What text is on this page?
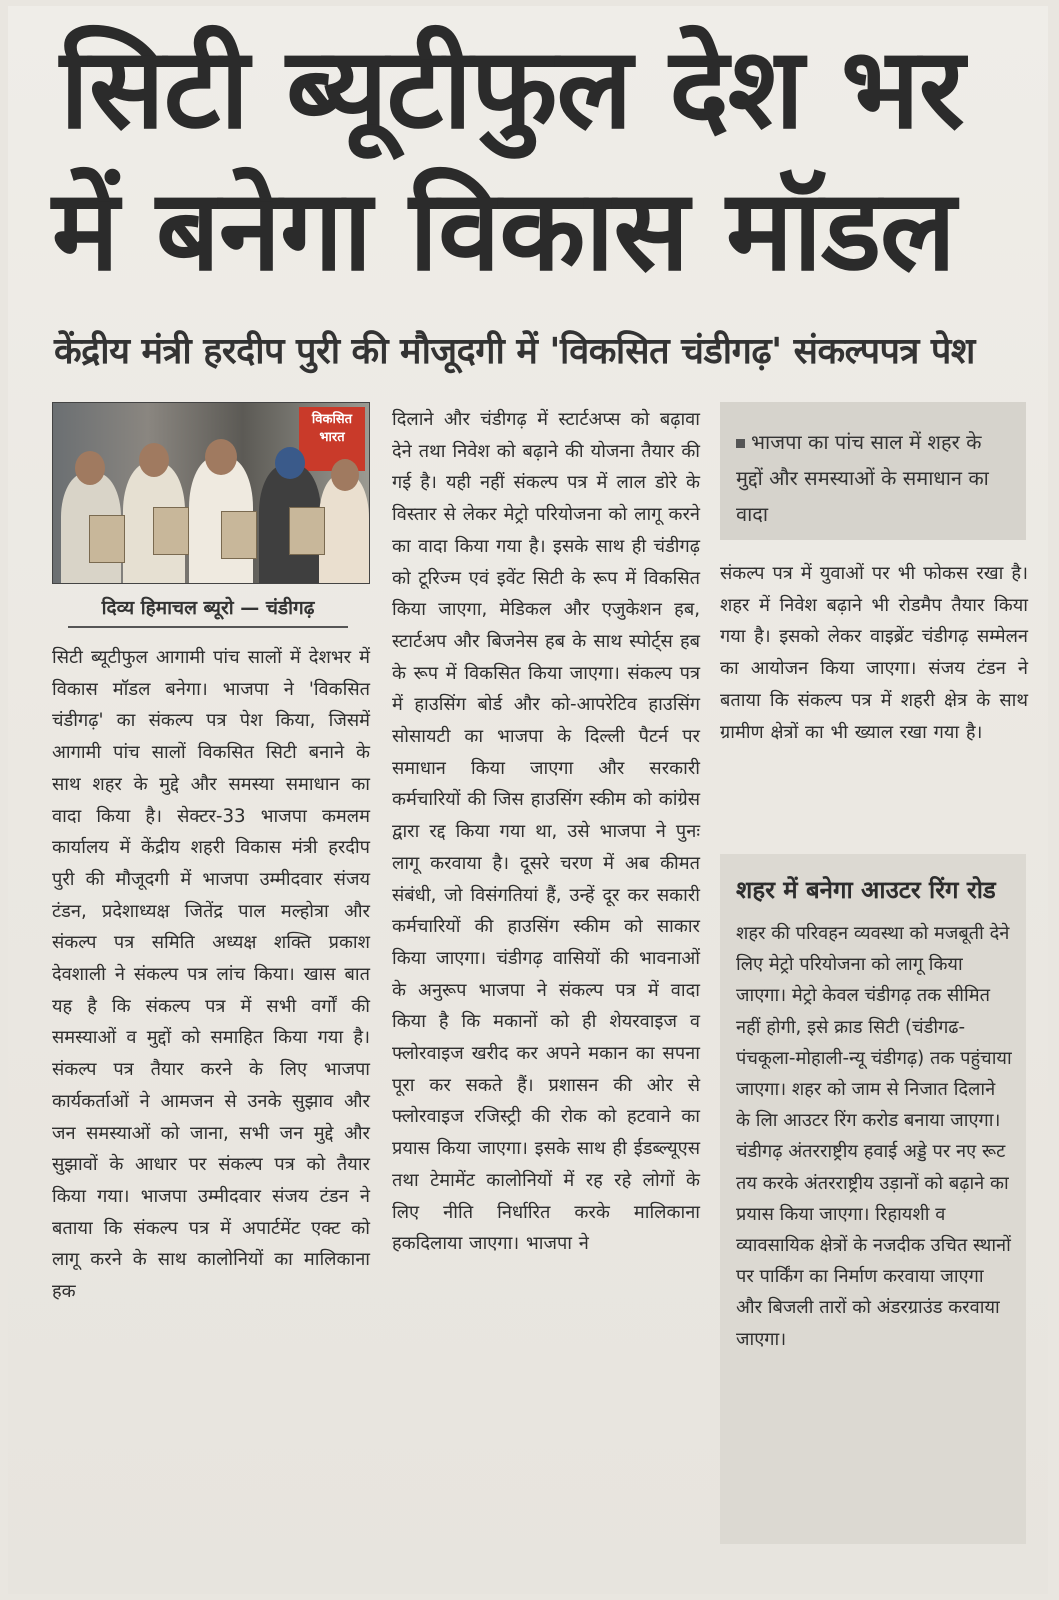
सिटी ब्यूटीफुल देश भर
में बनेगा विकास मॉडल
केंद्रीय मंत्री हरदीप पुरी की मौजूदगी में 'विकसित चंडीगढ़' संकल्पपत्र पेश
विकसित भारत

दिव्य हिमाचल ब्यूरो — चंडीगढ़

सिटी ब्यूटीफुल आगामी पांच सालों में देशभर में विकास मॉडल बनेगा। भाजपा ने 'विकसित चंडीगढ़' का संकल्प पत्र पेश किया, जिसमें आगामी पांच सालों विकसित सिटी बनाने के साथ शहर के मुद्दे और समस्या समाधान का वादा किया है। सेक्टर-33 भाजपा कमलम कार्यालय में केंद्रीय शहरी विकास मंत्री हरदीप पुरी की मौजूदगी में भाजपा उम्मीदवार संजय टंडन, प्रदेशाध्यक्ष जितेंद्र पाल मल्होत्रा और संकल्प पत्र समिति अध्यक्ष शक्ति प्रकाश देवशाली ने संकल्प पत्र लांच किया। खास बात यह है कि संकल्प पत्र में सभी वर्गों की समस्याओं व मुद्दों को समाहित किया गया है। संकल्प पत्र तैयार करने के लिए भाजपा कार्यकर्ताओं ने आमजन से उनके सुझाव और जन समस्याओं को जाना, सभी जन मुद्दे और सुझावों के आधार पर संकल्प पत्र को तैयार किया गया। भाजपा उम्मीदवार संजय टंडन ने बताया कि संकल्प पत्र में अपार्टमेंट एक्ट को लागू करने के साथ कालोनियों का मालिकाना हक

दिलाने और चंडीगढ़ में स्टार्टअप्स को बढ़ावा देने तथा निवेश को बढ़ाने की योजना तैयार की गई है। यही नहीं संकल्प पत्र में लाल डोरे के विस्तार से लेकर मेट्रो परियोजना को लागू करने का वादा किया गया है। इसके साथ ही चंडीगढ़ को टूरिज्म एवं इवेंट सिटी के रूप में विकसित किया जाएगा, मेडिकल और एजुकेशन हब, स्टार्टअप और बिजनेस हब के साथ स्पोर्ट्स हब के रूप में विकसित किया जाएगा। संकल्प पत्र में हाउसिंग बोर्ड और को-आपरेटिव हाउसिंग सोसायटी का भाजपा के दिल्ली पैटर्न पर समाधान किया जाएगा और सरकारी कर्मचारियों की जिस हाउसिंग स्कीम को कांग्रेस द्वारा रद्द किया गया था, उसे भाजपा ने पुनः लागू करवाया है। दूसरे चरण में अब कीमत संबंधी, जो विसंगतियां हैं, उन्हें दूर कर सकारी कर्मचारियों की हाउसिंग स्कीम को साकार किया जाएगा। चंडीगढ़ वासियों की भावनाओं के अनुरूप भाजपा ने संकल्प पत्र में वादा किया है कि मकानों को ही शेयरवाइज व फ्लोरवाइज खरीद कर अपने मकान का सपना पूरा कर सकते हैं। प्रशासन की ओर से फ्लोरवाइज रजिस्ट्री की रोक को हटवाने का प्रयास किया जाएगा। इसके साथ ही ईडब्ल्यूएस तथा टेमामेंट कालोनियों में रह रहे लोगों के लिए नीति निर्धारित करके मालिकाना हकदिलाया जाएगा। भाजपा ने

भाजपा का पांच साल में शहर के मुद्दों और समस्याओं के समाधान का वादा

संकल्प पत्र में युवाओं पर भी फोकस रखा है। शहर में निवेश बढ़ाने भी रोडमैप तैयार किया गया है। इसको लेकर वाइब्रेंट चंडीगढ़ सम्मेलन का आयोजन किया जाएगा। संजय टंडन ने बताया कि संकल्प पत्र में शहरी क्षेत्र के साथ ग्रामीण क्षेत्रों का भी ख्याल रखा गया है।

शहर में बनेगा आउटर रिंग रोड

शहर की परिवहन व्यवस्था को मजबूती देने लिए मेट्रो परियोजना को लागू किया जाएगा। मेट्रो केवल चंडीगढ़ तक सीमित नहीं होगी, इसे क्राड सिटी (चंडीगढ-पंचकूला-मोहाली-न्यू चंडीगढ़) तक पहुंचाया जाएगा। शहर को जाम से निजात दिलाने के लिा आउटर रिंग करोड बनाया जाएगा। चंडीगढ़ अंतरराष्ट्रीय हवाई अड्डे पर नए रूट तय करके अंतरराष्ट्रीय उड़ानों को बढ़ाने का प्रयास किया जाएगा। रिहायशी व व्यावसायिक क्षेत्रों के नजदीक उचित स्थानों पर पार्किंग का निर्माण करवाया जाएगा और बिजली तारों को अंडरग्राउंड करवाया जाएगा।
